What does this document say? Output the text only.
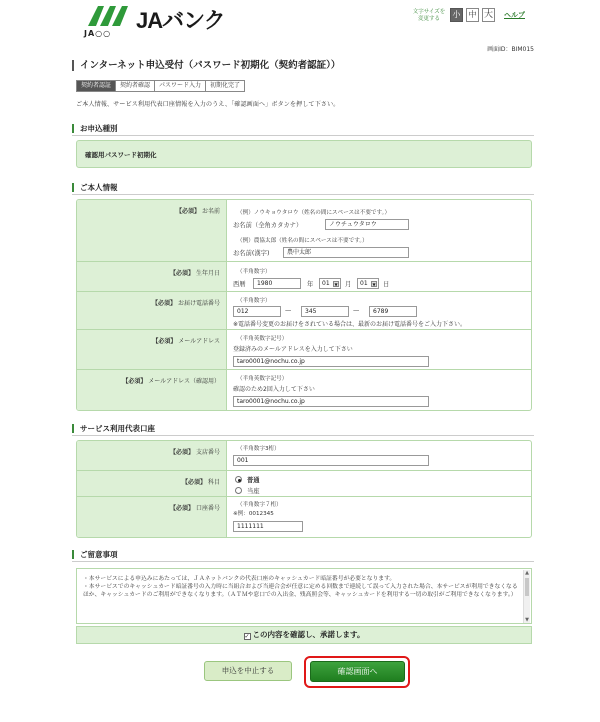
JAバンク
JA○○
文字サイズを
変更する	小	中 大 ヘルプ
画面ID：BIM015
インターネット申込受付（パスワード初期化（契約者認証））
契約者認証	契約者確認	パスワード入力	初期化完了
ご本人情報、サービス利用代表口座情報を入力のうえ、「確認画面へ」ボタンを押して下さい。
お申込種別
確認用パスワード初期化
ご本人情報
【必須】 お名前	（例）ノウキョウタロウ（姓名の間にスペースは不要です。）
お名前（全角カタカナ）	ノウチュウタロウ
（例）農協太郎（姓名の間にスペースは不要です。）
お名前(漢字)	農中太郎
【必須】 生年月日	（半角数字）
西暦	1980	年	01	▼ 月	01	▼ 日
【必須】 お届け電話番号	（半角数字）
012	—	345	—	6789
※電話番号変更のお届けをされている場合は、最新のお届け電話番号をご入力下さい。
【必須】 メールアドレス	（半角英数字記号）
登録済みのメールアドレスを入力して下さい
taro0001@nochu.co.jp
【必須】 メールアドレス（確認用）	（半角英数字記号）
確認のため2回入力して下さい
taro0001@nochu.co.jp
サービス利用代表口座
【必須】 支店番号	（半角数字3桁）
001
【必須】 科目	普通
当座
【必須】 口座番号	（半角数字７桁）
※例：0012345
1111111
ご留意事項
・本サービスによる申込みにあたっては、ＪＡネットバンクの代表口座のキャッシュカード暗証番号が必要となります。
・本サービスでのキャッシュカード暗証番号の入力時に当組合および当連合会が任意に定める回数まで連続して誤って入力された場合、本サービスが利用できなくなるほか、キャッシュカードのご利用ができなくなります。（ＡＴＭや窓口での入出金、残高照会等、キャッシュカードを利用する一切の取引がご利用できなくなります。）
▲
▼
✓ この内容を確認し、承諾します。
申込を中止する	確認画面へ
